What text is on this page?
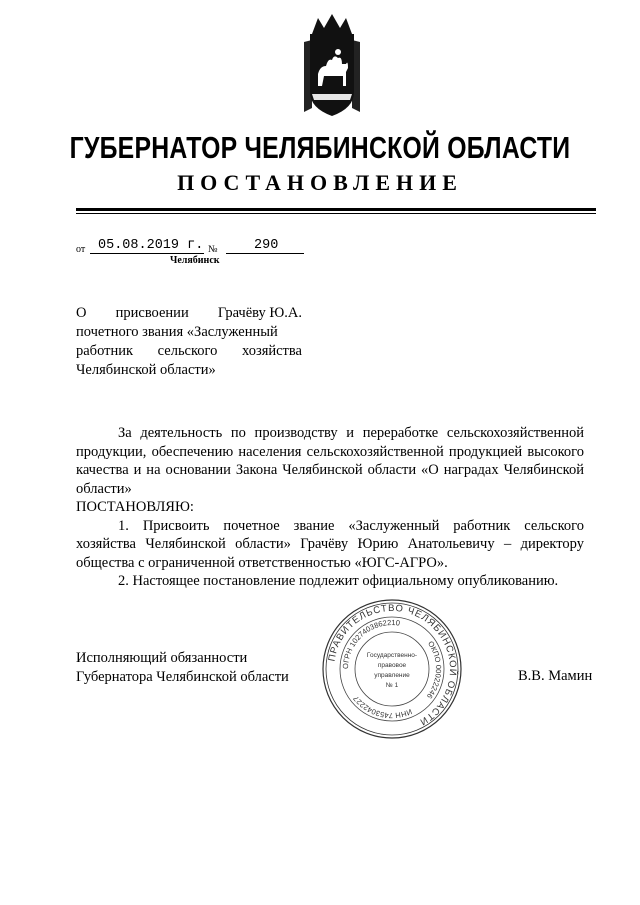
ГУБЕРНАТОР ЧЕЛЯБИНСКОЙ ОБЛАСТИ
ПОСТАНОВЛЕНИЕ
от 05.08.2019 г. №	290
Челябинск
О присвоении Грачёву Ю.А.
почетного звания «Заслуженный
работник сельского хозяйства
Челябинской области»

За деятельность по производству и переработке сельскохозяйственной продукции, обеспечению населения сельскохозяйственной продукцией высокого качества и на основании Закона Челябинской области «О наградах Челябинской области»

ПОСТАНОВЛЯЮ:

1. Присвоить почетное звание «Заслуженный работник сельского хозяйства Челябинской области» Грачёву Юрию Анатольевичу – директору общества с ограниченной ответственностью «ЮГС-АГРО».

2. Настоящее постановление подлежит официальному опубликованию.

Исполняющий обязанности
Губернатора Челябинской области	В.В. Мамин
ПРАВИТЕЛЬСТВО ЧЕЛЯБИНСКОЙ ОБЛАСТИ
ОГРН 1027403862210
ОКПО 00022246
ИНН 7453042227
Государственно-
правовое
управление
№ 1
